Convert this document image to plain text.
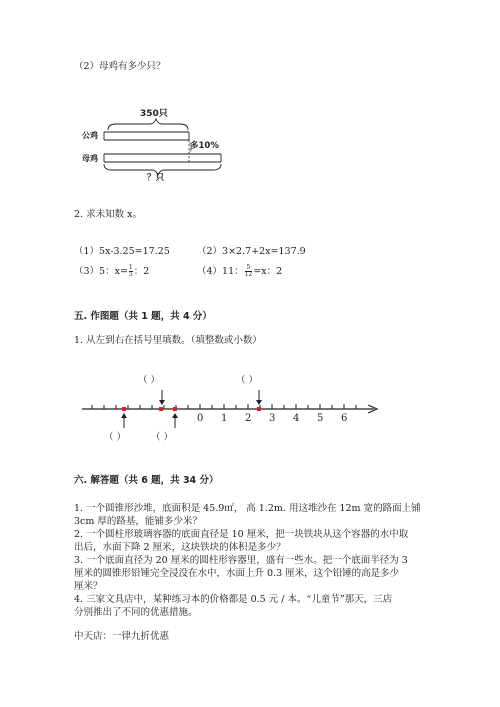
（2）母鸡有多少只？
350只
公鸡
母鸡
多10%
？只
2. 求未知数 x。
（1）5x-3.25=17.25	（2）3×2.7+2x=137.9
（3）5：$x= \frac{1}{5}$ ：2	（4）11： $\frac{5}{12} =x$：2
五. 作图题（共 1 题，共 4 分）
1. 从左到右在括号里填数。（填整数或小数）
0 1 2 3 4 5 6
（ ）	（ ）
（ ）	（ ）
六. 解答题（共 6 题，共 34 分）
1. 一个圆锥形沙堆，底面积是 45.9㎡， 高 1.2m. 用这堆沙在 12m 宽的路面上铺
3cm 厚的路基，能铺多少米？
2. 一个圆柱形玻璃容器的底面直径是 10 厘米，把一块铁块从这个容器的水中取
出后，水面下降 2 厘米，这块铁块的体积是多少？
3. 一个底面直径为 20 厘米的圆柱形容器里，盛有一些水。把一个底面半径为 3
厘米的圆锥形铅锤完全浸没在水中，水面上升 0.3 厘米，这个铅锤的高是多少
厘米？
4. 三家文具店中，某种练习本的价格都是 0.5 元 / 本。“儿童节”那天，三店
分别推出了不同的优惠措施。
中天店：一律九折优惠
